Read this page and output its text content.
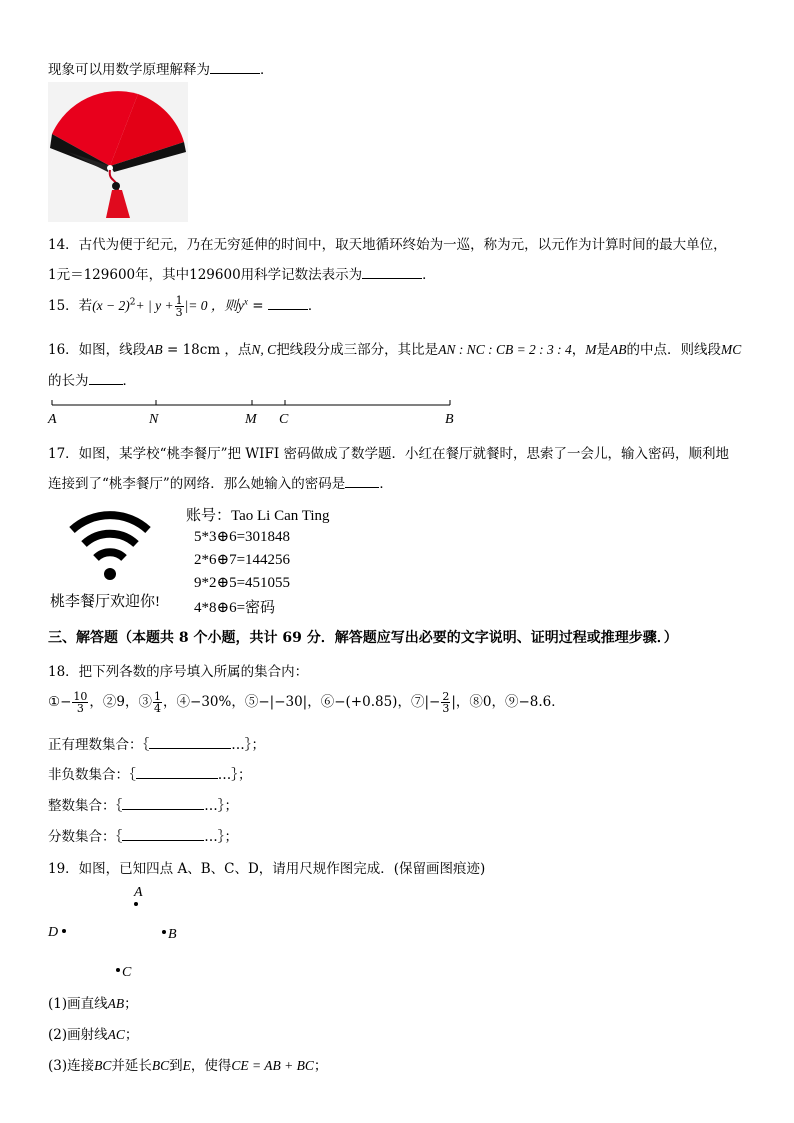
现象可以用数学原理解释为	．
14．古代为便于纪元，乃在无穷延伸的时间中，取天地循环终始为一巡，称为元，以元作为计算时间的最大单位，
1元＝129600年，其中129600用科学记数法表示为	．
15．若$(x - 2)^2+$ | $y + \frac{1}{3}$ |= 0 ，则$y^x$ =	．
16．如图，线段AB = 18cm ，点N, C把线段分成三部分，其比是AN : NC : CB = 2 : 3 : 4，M是AB的中点．则线段MC
的长为	．
A	N	M C	B
17．如图，某学校“桃李餐厅”把 WIFI 密码做成了数学题．小红在餐厅就餐时，思索了一会儿，输入密码，顺利地
连接到了“桃李餐厅”的网络．那么她输入的密码是	．
桃李餐厅欢迎你!
账号：Tao Li Can Ting
5*3⊕6=301848
2*6⊕7=144256
9*2⊕5=451055
4*8⊕6=密码
三、解答题（本题共 8 个小题，共计 69 分．解答题应写出必要的文字说明、证明过程或推理步骤．）
18．把下列各数的序号填入所属的集合内：
①− $\frac{10}{3}$ ，②9，③ $\frac{1}{4}$ ，④−30%，⑤−|−30|，⑥−(+0.85)，⑦|− $\frac{2}{3}$ |，⑧0，⑨−8.6．
正有理数集合：｛	…｝；
非负数集合：｛	…｝；
整数集合：｛	…｝；
分数集合：｛	…｝；
19．如图，已知四点 A、B、C、D，请用尺规作图完成．(保留画图痕迹)
A
D	B
C
(1)画直线AB；
(2)画射线AC；
(3)连接BC并延长BC到E，使得CE = AB + BC；
